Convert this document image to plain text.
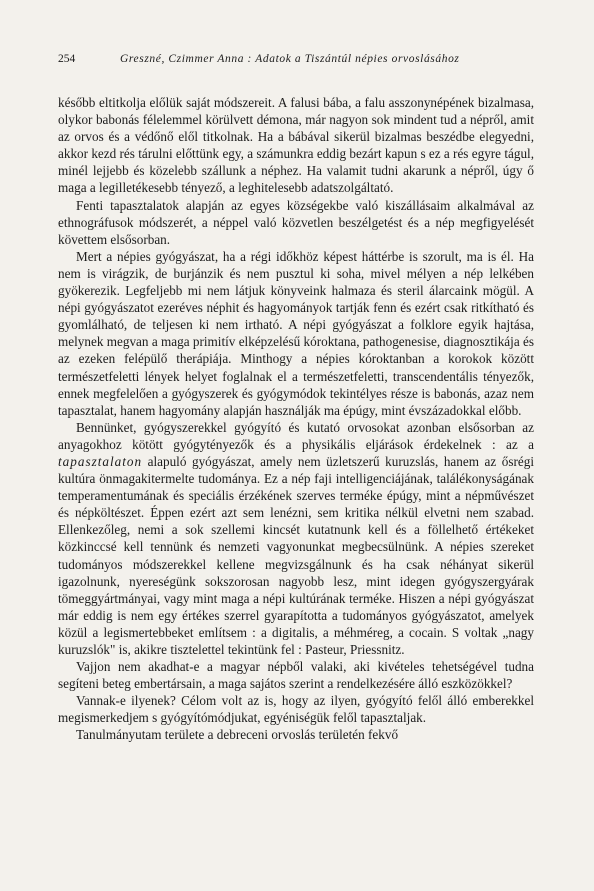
254	Greszné, Czimmer Anna : Adatok a Tiszántúl népies orvoslásához

később eltitkolja előlük saját módszereit. A falusi bába, a falu asszonynépének bizalmasa, olykor babonás félelemmel körülvett démona, már nagyon sok mindent tud a népről, amit az orvos és a védőnő elől titkolnak. Ha a bábával sikerül bizalmas beszédbe elegyedni, akkor kezd rés tárulni előttünk egy, a számunkra eddig bezárt kapun s ez a rés egyre tágul, minél lejjebb és közelebb szállunk a néphez. Ha valamit tudni akarunk a népről, úgy ő maga a legilletékesebb tényező, a leghitelesebb adatszolgáltató.

Fenti tapasztalatok alapján az egyes községekbe való kiszállásaim alkalmával az ethnográfusok módszerét, a néppel való közvetlen beszélgetést és a nép megfigyelését követtem elsősorban.

Mert a népies gyógyászat, ha a régi időkhöz képest háttérbe is szorult, ma is él. Ha nem is virágzik, de burjánzik és nem pusztul ki soha, mivel mélyen a nép lelkében gyökerezik. Legfeljebb mi nem látjuk könyveink halmaza és steril álarcaink mögül. A népi gyógyászatot ezeréves néphit és hagyományok tartják fenn és ezért csak ritkítható és gyomlálható, de teljesen ki nem irtható. A népi gyógyászat a folklore egyik hajtása, melynek megvan a maga primitív elképzelésű kóroktana, pathogenesise, diagnosztikája és az ezeken felépülő therápiája. Minthogy a népies kóroktanban a korokok között természetfeletti lények helyet foglalnak el a természetfeletti, transcendentális tényezők, ennek megfelelően a gyógyszerek és gyógymódok tekintélyes része is babonás, azaz nem tapasztalat, hanem hagyomány alapján használják ma épúgy, mint évszázadokkal előbb.

Bennünket, gyógyszerekkel gyógyító és kutató orvosokat azonban elsősorban az anyagokhoz kötött gyógytényezők és a physikális eljárások érdekelnek : az a tapasztalaton alapuló gyógyászat, amely nem üzletszerű kuruzslás, hanem az ősrégi kultúra önmagakitermelte tudománya. Ez a nép faji intelligenciájának, találékonyságának temperamentumának és speciális érzékének szerves terméke épúgy, mint a népművészet és népköltészet. Éppen ezért azt sem lenézni, sem kritika nélkül elvetni nem szabad. Ellenkezőleg, nemi a sok szellemi kincsét kutatnunk kell és a föllelhető értékeket közkinccsé kell tennünk és nemzeti vagyonunkat megbecsülnünk. A népies szereket tudományos módszerekkel kellene megvizsgálnunk és ha csak néhányat sikerül igazolnunk, nyereségünk sokszorosan nagyobb lesz, mint idegen gyógyszergyárak tömeggyártmányai, vagy mint maga a népi kultúrának terméke. Hiszen a népi gyógyászat már eddig is nem egy értékes szerrel gyarapította a tudományos gyógyászatot, amelyek közül a legismertebbeket említsem : a digitalis, a méhméreg, a cocain. S voltak „nagy kuruzslók" is, akikre tisztelettel tekintünk fel : Pasteur, Priessnitz.

Vajjon nem akadhat-e a magyar népből valaki, aki kivételes tehetségével tudna segíteni beteg embertársain, a maga sajátos szerint a rendelkezésére álló eszközökkel?

Vannak-e ilyenek? Célom volt az is, hogy az ilyen, gyógyító felől álló emberekkel megismerkedjem s gyógyítómódjukat, egyéniségük felől tapasztaljak.

Tanulmányutam területe a debreceni orvoslás területén fekvő
